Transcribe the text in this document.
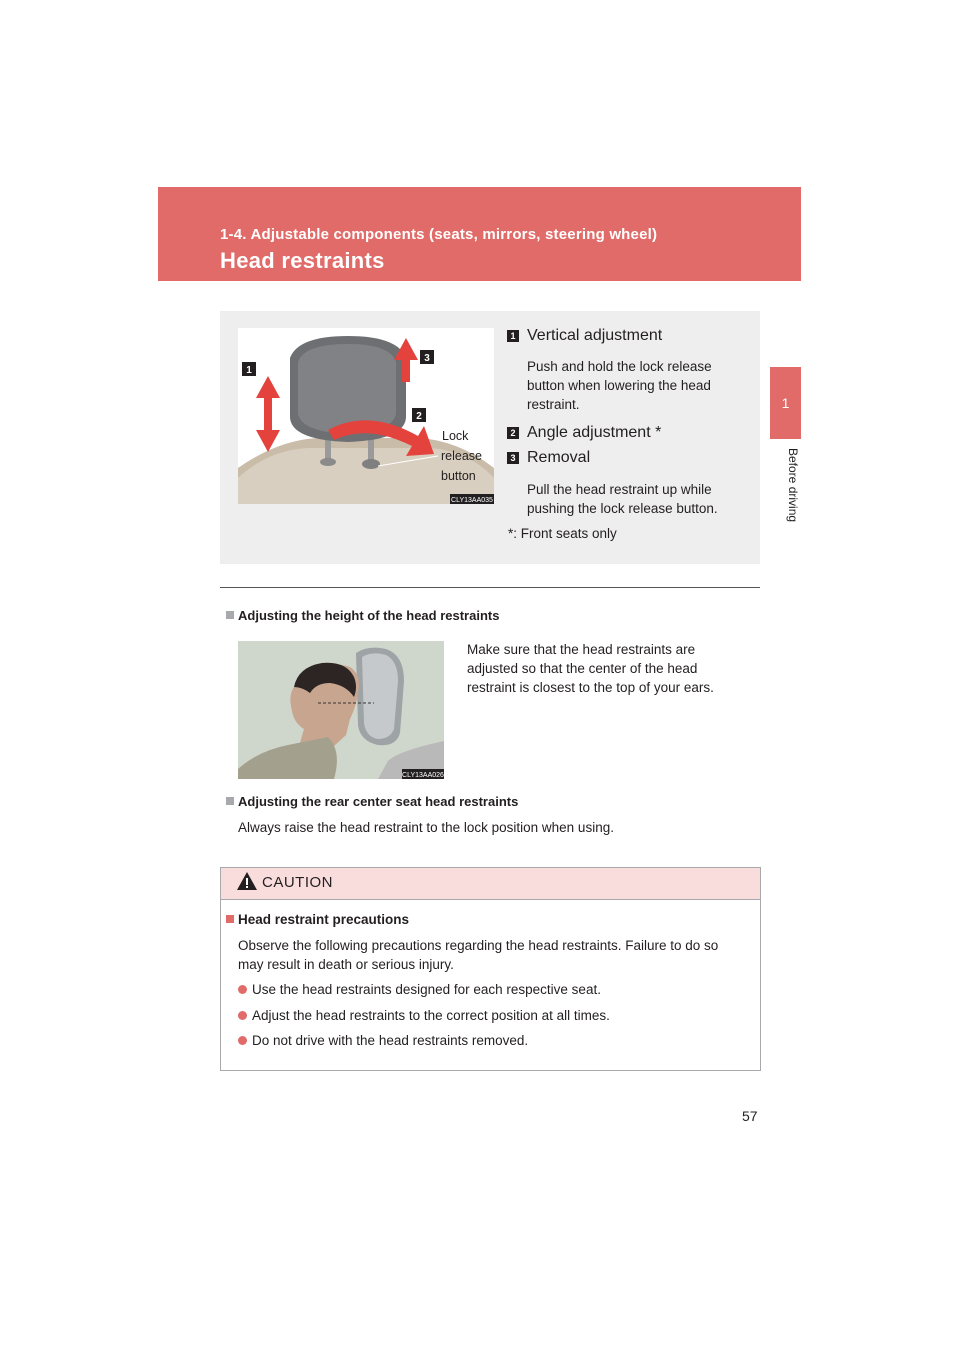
1-4. Adjustable components (seats, mirrors, steering wheel)
Head restraints
1
Before driving
1
3
2
CLY13AA035
Lock
release
button
1 Vertical adjustment
Push and hold the lock release
button when lowering the head
restraint.
2 Angle adjustment *
3 Removal
Pull the head restraint up while
pushing the lock release button.
*: Front seats only
Adjusting the height of the head restraints
CLY13AA026
Make sure that the head restraints are
adjusted so that the center of the head
restraint is closest to the top of your ears.
Adjusting the rear center seat head restraints
Always raise the head restraint to the lock position when using.
CAUTION
Head restraint precautions
Observe the following precautions regarding the head restraints. Failure to do so
may result in death or serious injury.
Use the head restraints designed for each respective seat.
Adjust the head restraints to the correct position at all times.
Do not drive with the head restraints removed.
57
